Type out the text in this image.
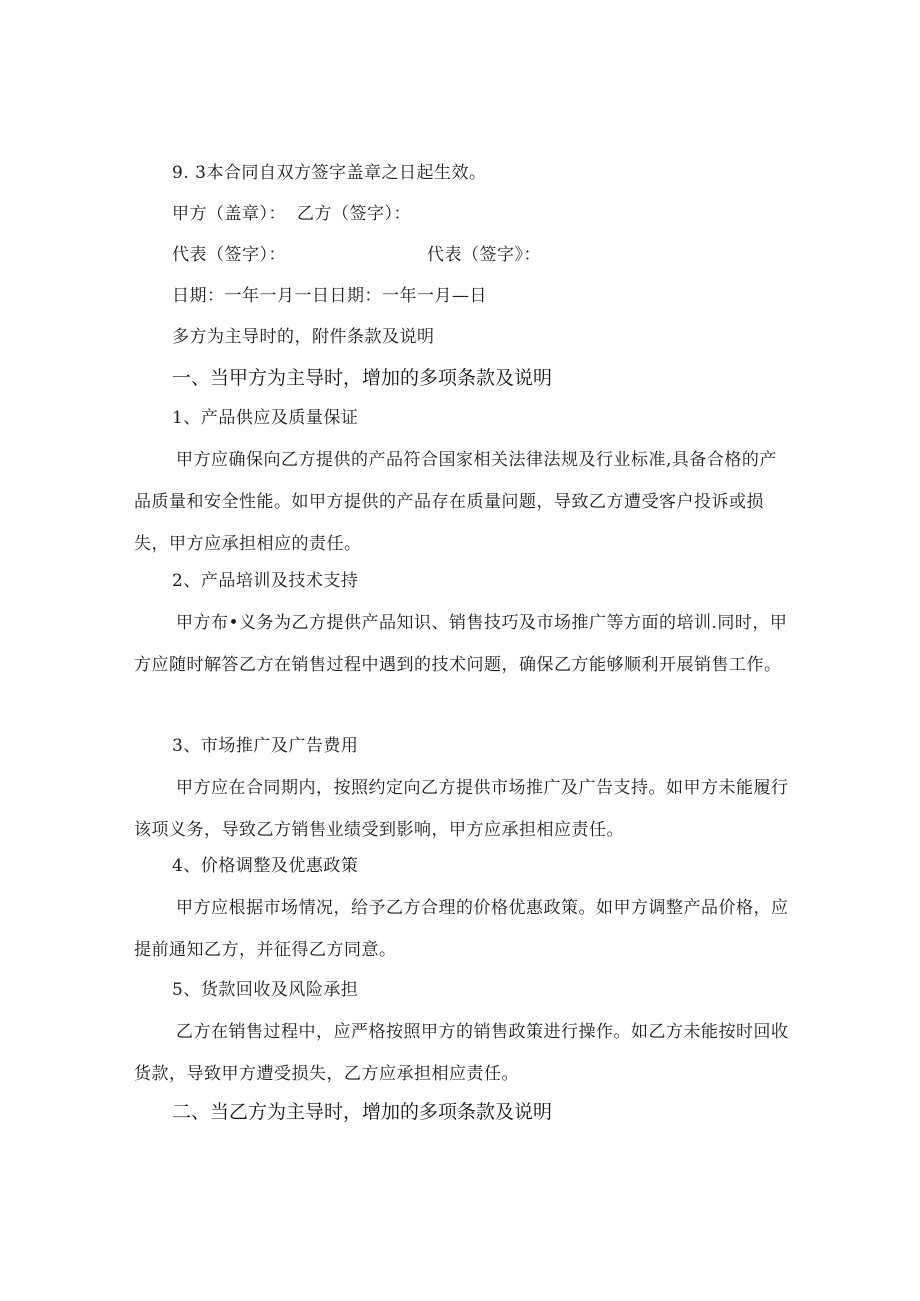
9. 3本合同自双方签字盖章之日起生效。
甲方（盖章）： 乙方（签字）：
代表（签字）：	代表（签字》：
日期：一年一月一日日期：一年一月—日
多方为主导时的，附件条款及说明
一、当甲方为主导时，增加的多项条款及说明
1、产品供应及质量保证

甲方应确保向乙方提供的产品符合国家相关法律法规及行业标准,具备合格的产品质量和安全性能。如甲方提供的产品存在质量问题，导致乙方遭受客户投诉或损失，甲方应承担相应的责任。

2、产品培训及技术支持

甲方布•义务为乙方提供产品知识、销售技巧及市场推广等方面的培训.同时，甲方应随时解答乙方在销售过程中遇到的技术问题，确保乙方能够顺利开展销售工作。

3、市场推广及广告费用

甲方应在合同期内，按照约定向乙方提供市场推广及广告支持。如甲方未能履行该项义务，导致乙方销售业绩受到影响，甲方应承担相应责任。

4、价格调整及优惠政策

甲方应根据市场情况，给予乙方合理的价格优惠政策。如甲方调整产品价格，应提前通知乙方，并征得乙方同意。

5、货款回收及风险承担

乙方在销售过程中，应严格按照甲方的销售政策进行操作。如乙方未能按时回收货款，导致甲方遭受损失，乙方应承担相应责任。

二、当乙方为主导时，增加的多项条款及说明
